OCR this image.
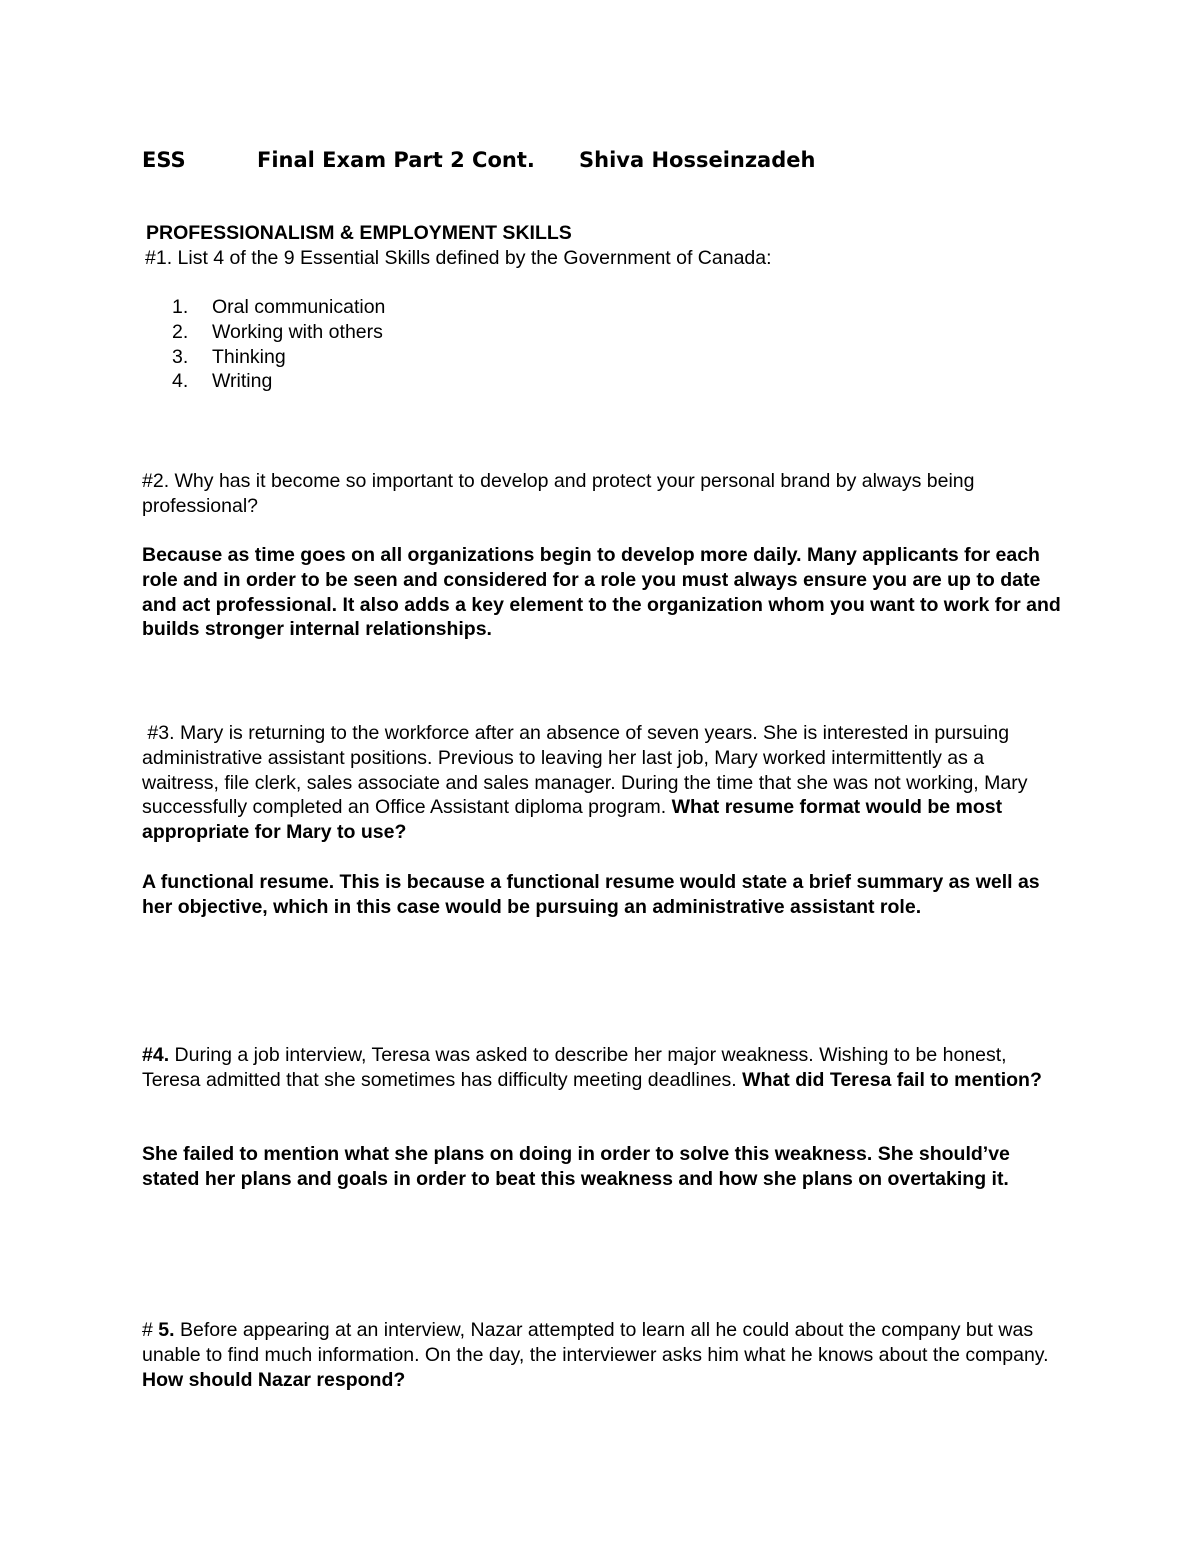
ESS	Final Exam Part 2 Cont. Shiva Hosseinzadeh

PROFESSIONALISM & EMPLOYMENT SKILLS

#1. List 4 of the 9 Essential Skills defined by the Government of Canada:

1.	Oral communication
2.	Working with others
3.	Thinking
4.	Writing

#2. Why has it become so important to develop and protect your personal brand by always being professional?

Because as time goes on all organizations begin to develop more daily. Many applicants for each role and in order to be seen and considered for a role you must always ensure you are up to date and act professional. It also adds a key element to the organization whom you want to work for and builds stronger internal relationships.

#3. Mary is returning to the workforce after an absence of seven years. She is interested in pursuing administrative assistant positions. Previous to leaving her last job, Mary worked intermittently as a waitress, file clerk, sales associate and sales manager. During the time that she was not working, Mary successfully completed an Office Assistant diploma program. What resume format would be most appropriate for Mary to use?

A functional resume. This is because a functional resume would state a brief summary as well as her objective, which in this case would be pursuing an administrative assistant role.

#4. During a job interview, Teresa was asked to describe her major weakness. Wishing to be honest, Teresa admitted that she sometimes has difficulty meeting deadlines. What did Teresa fail to mention?

She failed to mention what she plans on doing in order to solve this weakness. She should’ve stated her plans and goals in order to beat this weakness and how she plans on overtaking it.

# 5. Before appearing at an interview, Nazar attempted to learn all he could about the company but was unable to find much information. On the day, the interviewer asks him what he knows about the company. How should Nazar respond?
